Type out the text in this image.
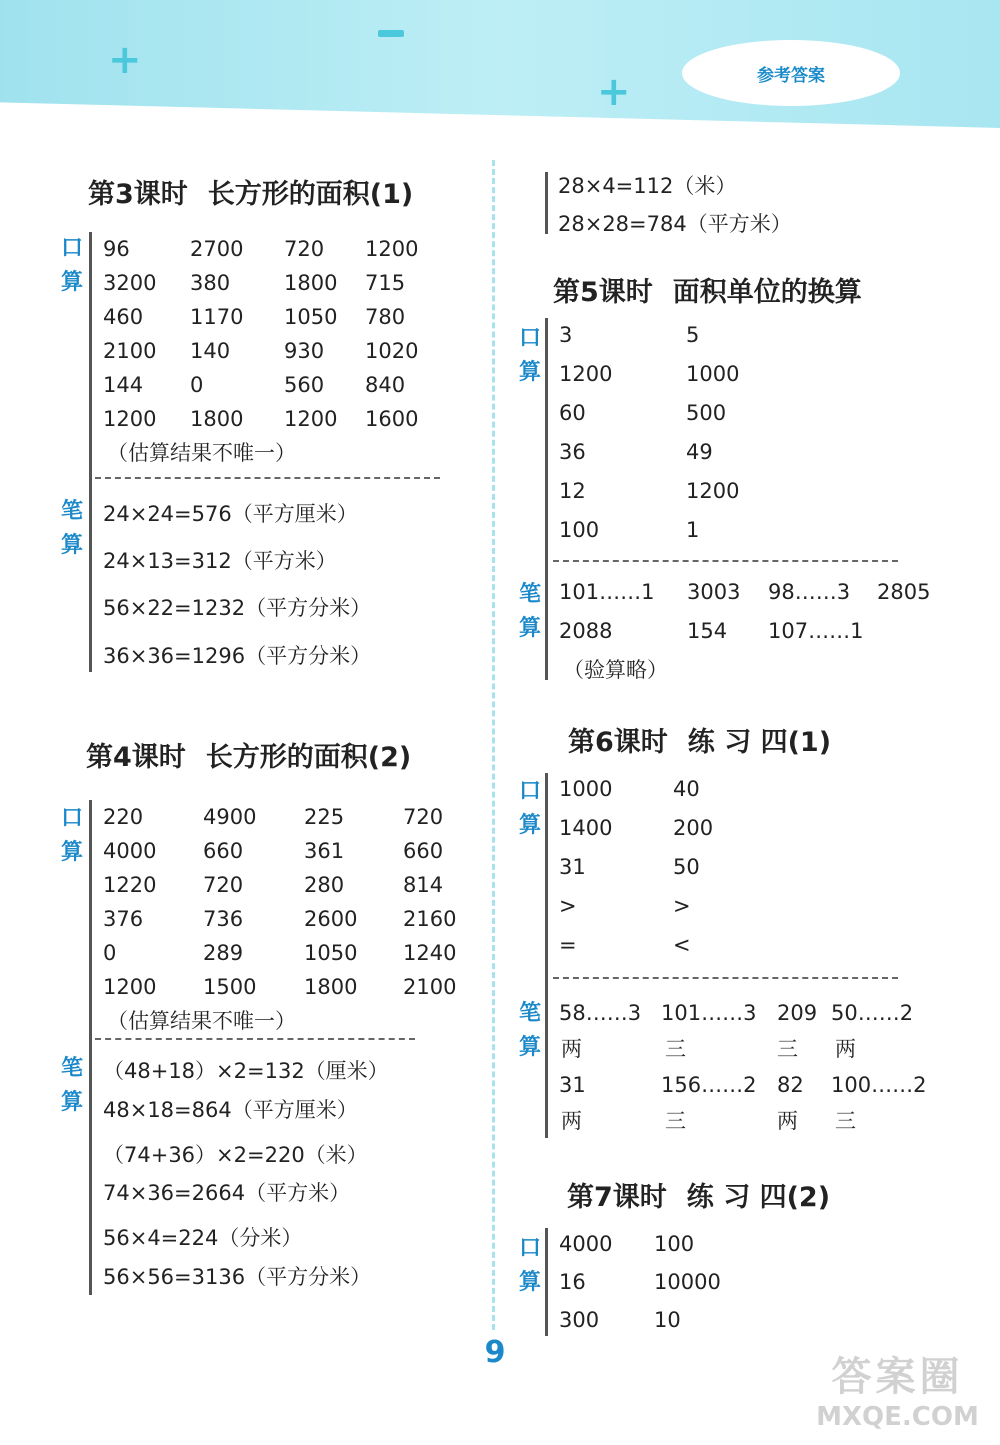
+
+	参考答案
第3课时 长方形的面积(1)
口
算
96	2700 720 1200
3200 380	1800 715
460 1170 1050 780
2100 140	930 1020
144 0	560 840
1200 1800 1200 1600
（估算结果不唯一）
笔
算
24×24=576（平方厘米）
24×13=312（平方米）
56×22=1232（平方分米）
36×36=1296（平方分米）
第4课时 长方形的面积(2)
口
算
220	4900 225	720
4000 660	361	660
1220 720	280	814
376	736	2600 2160
0	289	1050 1240
1200 1500 1800 2100
（估算结果不唯一）
笔
算
（48+18）×2=132（厘米）
48×18=864（平方厘米）
（74+36）×2=220（米）
74×36=2664（平方米）
56×4=224（分米）
56×56=3136（平方分米）
28×4=112（米）
28×28=784（平方米）
第5课时 面积单位的换算
口
算
3	5
1200	1000
60	500
36	49
12	1200
100	1
笔
算
101……1 3003 98……3 2805
2088	154 107……1
（验算略）
第6课时 练 习 四(1)
口
算
1000	40
1400	200
31	50
>	>
=	<
笔
算
58……3 101……3 209 50……2
两	三	三 两
31	156……2 82 100……2
两	三	两 三
第7课时 练 习 四(2)
口
算
4000 100
16	10000
300	10
9
答案圈
MXQE.COM
